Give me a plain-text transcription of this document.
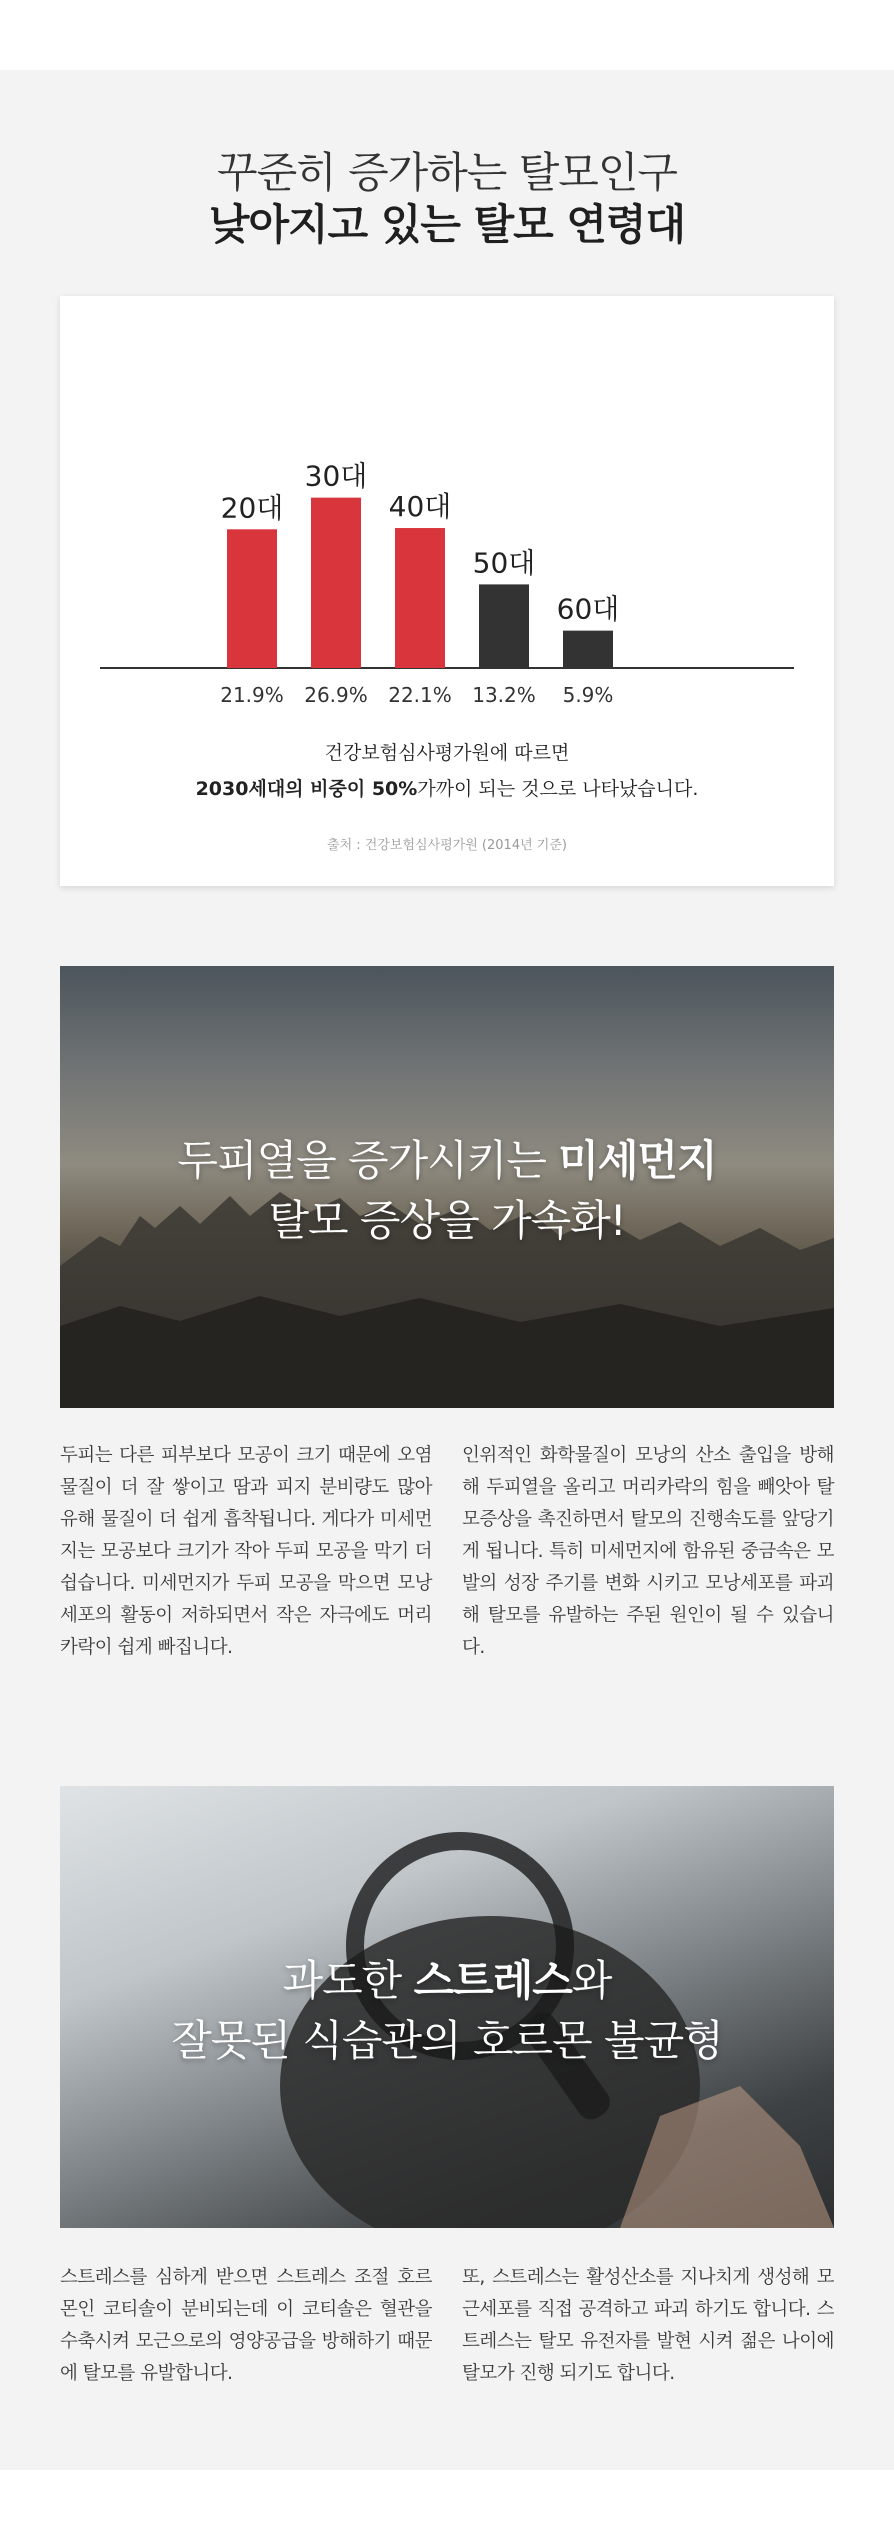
꾸준히 증가하는 탈모인구
낮아지고 있는 탈모 연령대
20대
21.9%
30대
26.9%
40대
22.1%
50대
13.2%
60대
5.9%
건강보험심사평가원에 따르면
2030세대의 비중이 50%가까이 되는 것으로 나타났습니다.
출처 : 건강보험심사평가원 (2014년 기준)
두피열을 증가시키는 미세먼지
탈모 증상을 가속화!
두피는 다른 피부보다 모공이 크기 때문에 오염물질이 더 잘 쌓이고 땀과 피지 분비량도 많아 유해 물질이 더 쉽게 흡착됩니다. 게다가 미세먼지는 모공보다 크기가 작아 두피 모공을 막기 더 쉽습니다. 미세먼지가 두피 모공을 막으면 모낭세포의 활동이 저하되면서 작은 자극에도 머리카락이 쉽게 빠집니다.
인위적인 화학물질이 모낭의 산소 출입을 방해해 두피열을 올리고 머리카락의 힘을 빼앗아 탈모증상을 촉진하면서 탈모의 진행속도를 앞당기게 됩니다. 특히 미세먼지에 함유된 중금속은 모발의 성장 주기를 변화 시키고 모낭세포를 파괴해 탈모를 유발하는 주된 원인이 될 수 있습니다.
과도한 스트레스와
잘못된 식습관의 호르몬 불균형
스트레스를 심하게 받으면 스트레스 조절 호르몬인 코티솔이 분비되는데 이 코티솔은 혈관을 수축시켜 모근으로의 영양공급을 방해하기 때문에 탈모를 유발합니다.
또, 스트레스는 활성산소를 지나치게 생성해 모근세포를 직접 공격하고 파괴 하기도 합니다. 스트레스는 탈모 유전자를 발현 시켜 젊은 나이에 탈모가 진행 되기도 합니다.
